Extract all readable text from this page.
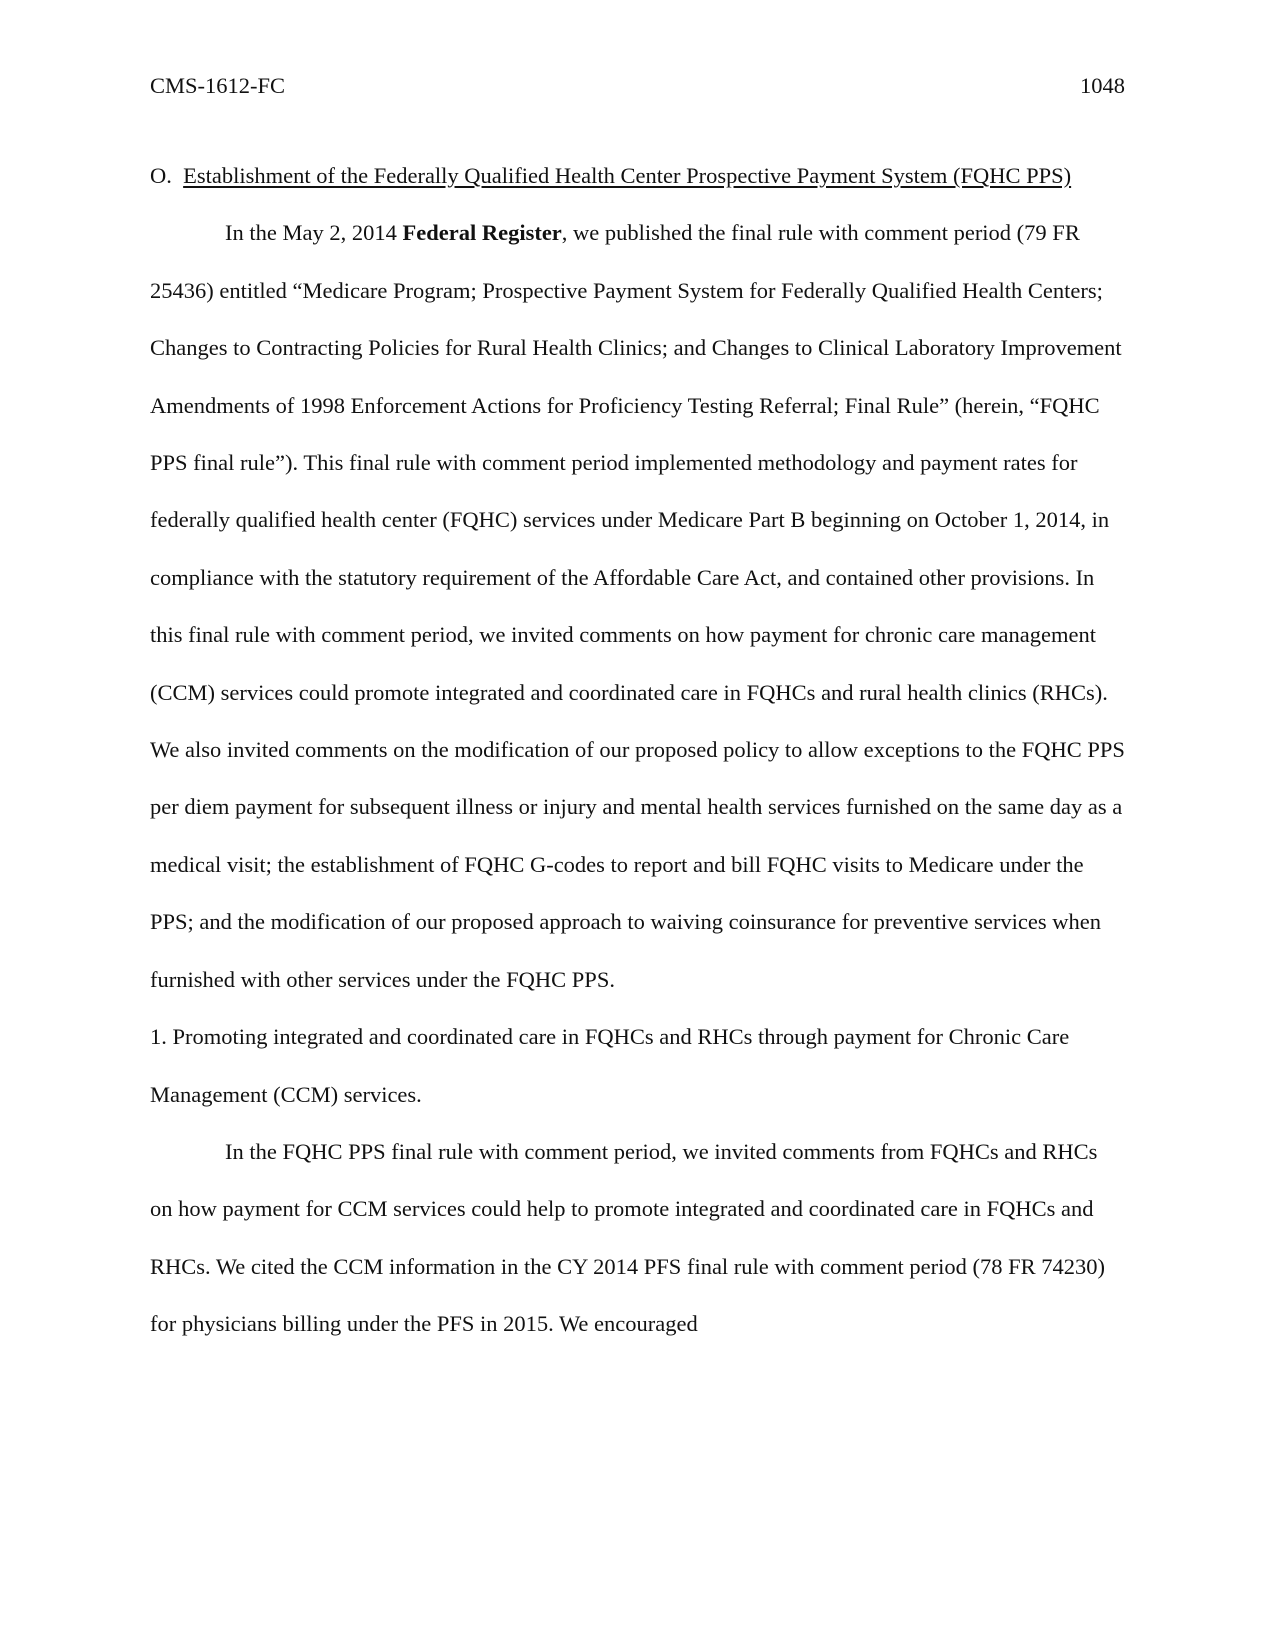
CMS-1612-FC	1048

O. Establishment of the Federally Qualified Health Center Prospective Payment System (FQHC PPS)

In the May 2, 2014 Federal Register, we published the final rule with comment period (79 FR 25436) entitled “Medicare Program; Prospective Payment System for Federally Qualified Health Centers; Changes to Contracting Policies for Rural Health Clinics; and Changes to Clinical Laboratory Improvement Amendments of 1998 Enforcement Actions for Proficiency Testing Referral; Final Rule” (herein, “FQHC PPS final rule”). This final rule with comment period implemented methodology and payment rates for federally qualified health center (FQHC) services under Medicare Part B beginning on October 1, 2014, in compliance with the statutory requirement of the Affordable Care Act, and contained other provisions. In this final rule with comment period, we invited comments on how payment for chronic care management (CCM) services could promote integrated and coordinated care in FQHCs and rural health clinics (RHCs). We also invited comments on the modification of our proposed policy to allow exceptions to the FQHC PPS per diem payment for subsequent illness or injury and mental health services furnished on the same day as a medical visit; the establishment of FQHC G-codes to report and bill FQHC visits to Medicare under the PPS; and the modification of our proposed approach to waiving coinsurance for preventive services when furnished with other services under the FQHC PPS.

1. Promoting integrated and coordinated care in FQHCs and RHCs through payment for Chronic Care Management (CCM) services.

In the FQHC PPS final rule with comment period, we invited comments from FQHCs and RHCs on how payment for CCM services could help to promote integrated and coordinated care in FQHCs and RHCs. We cited the CCM information in the CY 2014 PFS final rule with comment period (78 FR 74230) for physicians billing under the PFS in 2015. We encouraged
